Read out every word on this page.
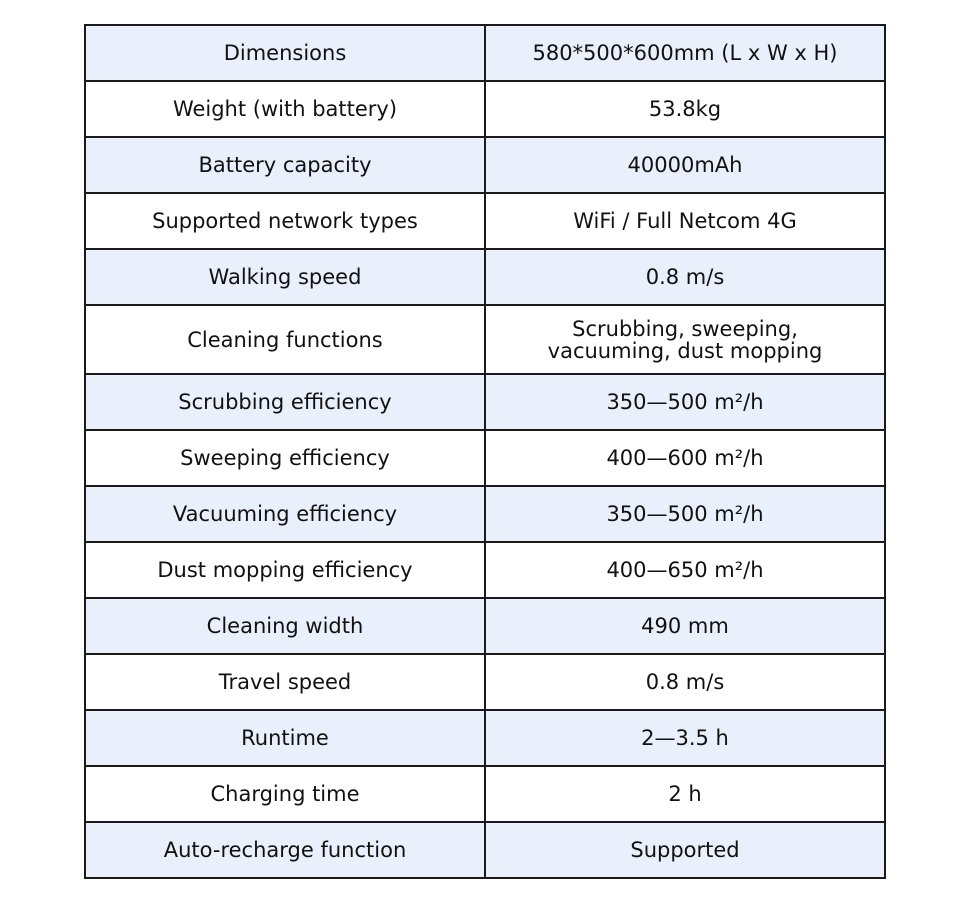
Dimensions	580*500*600mm (L x W x H)
Weight (with battery)	53.8kg
Battery capacity	40000mAh
Supported network types	WiFi / Full Netcom 4G
Walking speed	0.8 m/s
Cleaning functions	Scrubbing, sweeping,
vacuuming, dust mopping
Scrubbing efficiency	350—500 m²/h
Sweeping efficiency	400—600 m²/h
Vacuuming efficiency	350—500 m²/h
Dust mopping efficiency	400—650 m²/h
Cleaning width	490 mm
Travel speed	0.8 m/s
Runtime	2—3.5 h
Charging time	2 h
Auto-recharge function	Supported
